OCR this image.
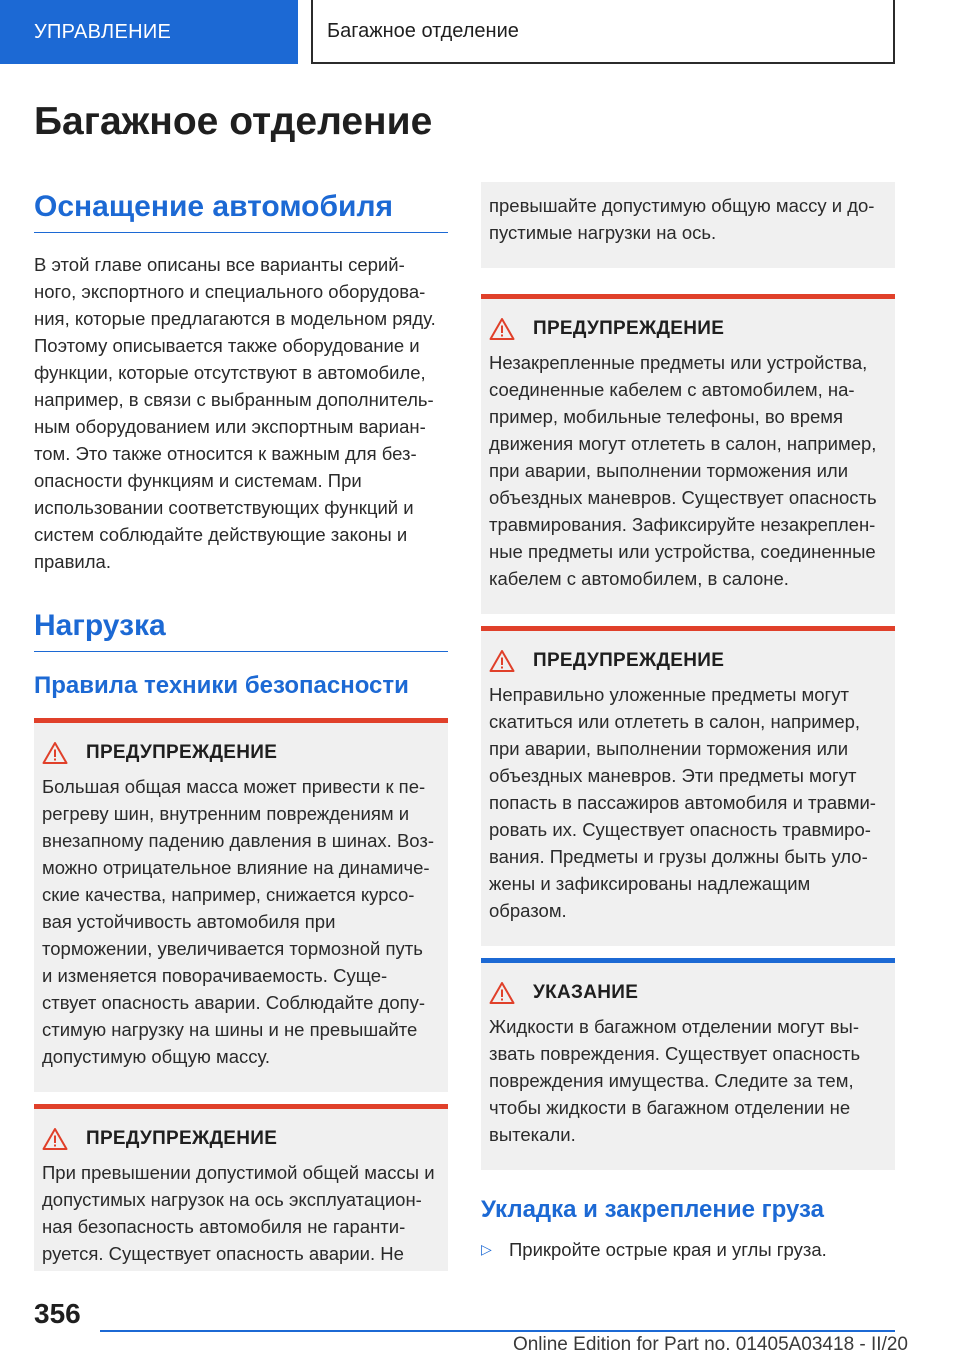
УПРАВЛЕНИЕ	Багажное отделение
Багажное отделение
Оснащение автомобиля
В этой главе описаны все варианты серий-
ного, экспортного и специального оборудова-
ния, которые предлагаются в модельном ряду.
Поэтому описывается также оборудование и
функции, которые отсутствуют в автомобиле,
например, в связи с выбранным дополнитель-
ным оборудованием или экспортным вариан-
том. Это также относится к важным для без-
опасности функциям и системам. При
использовании соответствующих функций и
систем соблюдайте действующие законы и
правила.
Нагрузка
Правила техники безопасности
ПРЕДУПРЕЖДЕНИЕ
Большая общая масса может привести к пе-
регреву шин, внутренним повреждениям и
внезапному падению давления в шинах. Воз-
можно отрицательное влияние на динамиче-
ские качества, например, снижается курсо-
вая устойчивость автомобиля при
торможении, увеличивается тормозной путь
и изменяется поворачиваемость. Суще-
ствует опасность аварии. Соблюдайте допу-
стимую нагрузку на шины и не превышайте
допустимую общую массу.
ПРЕДУПРЕЖДЕНИЕ
При превышении допустимой общей массы и
допустимых нагрузок на ось эксплуатацион-
ная безопасность автомобиля не гаранти-
руется. Существует опасность аварии. Не
превышайте допустимую общую массу и до-
пустимые нагрузки на ось.
ПРЕДУПРЕЖДЕНИЕ
Незакрепленные предметы или устройства,
соединенные кабелем с автомобилем, на-
пример, мобильные телефоны, во время
движения могут отлететь в салон, например,
при аварии, выполнении торможения или
объездных маневров. Существует опасность
травмирования. Зафиксируйте незакреплен-
ные предметы или устройства, соединенные
кабелем с автомобилем, в салоне.
ПРЕДУПРЕЖДЕНИЕ
Неправильно уложенные предметы могут
скатиться или отлететь в салон, например,
при аварии, выполнении торможения или
объездных маневров. Эти предметы могут
попасть в пассажиров автомобиля и травми-
ровать их. Существует опасность травмиро-
вания. Предметы и грузы должны быть уло-
жены и зафиксированы надлежащим
образом.
УКАЗАНИЕ
Жидкости в багажном отделении могут вы-
звать повреждения. Существует опасность
повреждения имущества. Следите за тем,
чтобы жидкости в багажном отделении не
вытекали.
Укладка и закрепление груза
▷ Прикройте острые края и углы груза.
356
Online Edition for Part no. 01405A03418 - II/20
